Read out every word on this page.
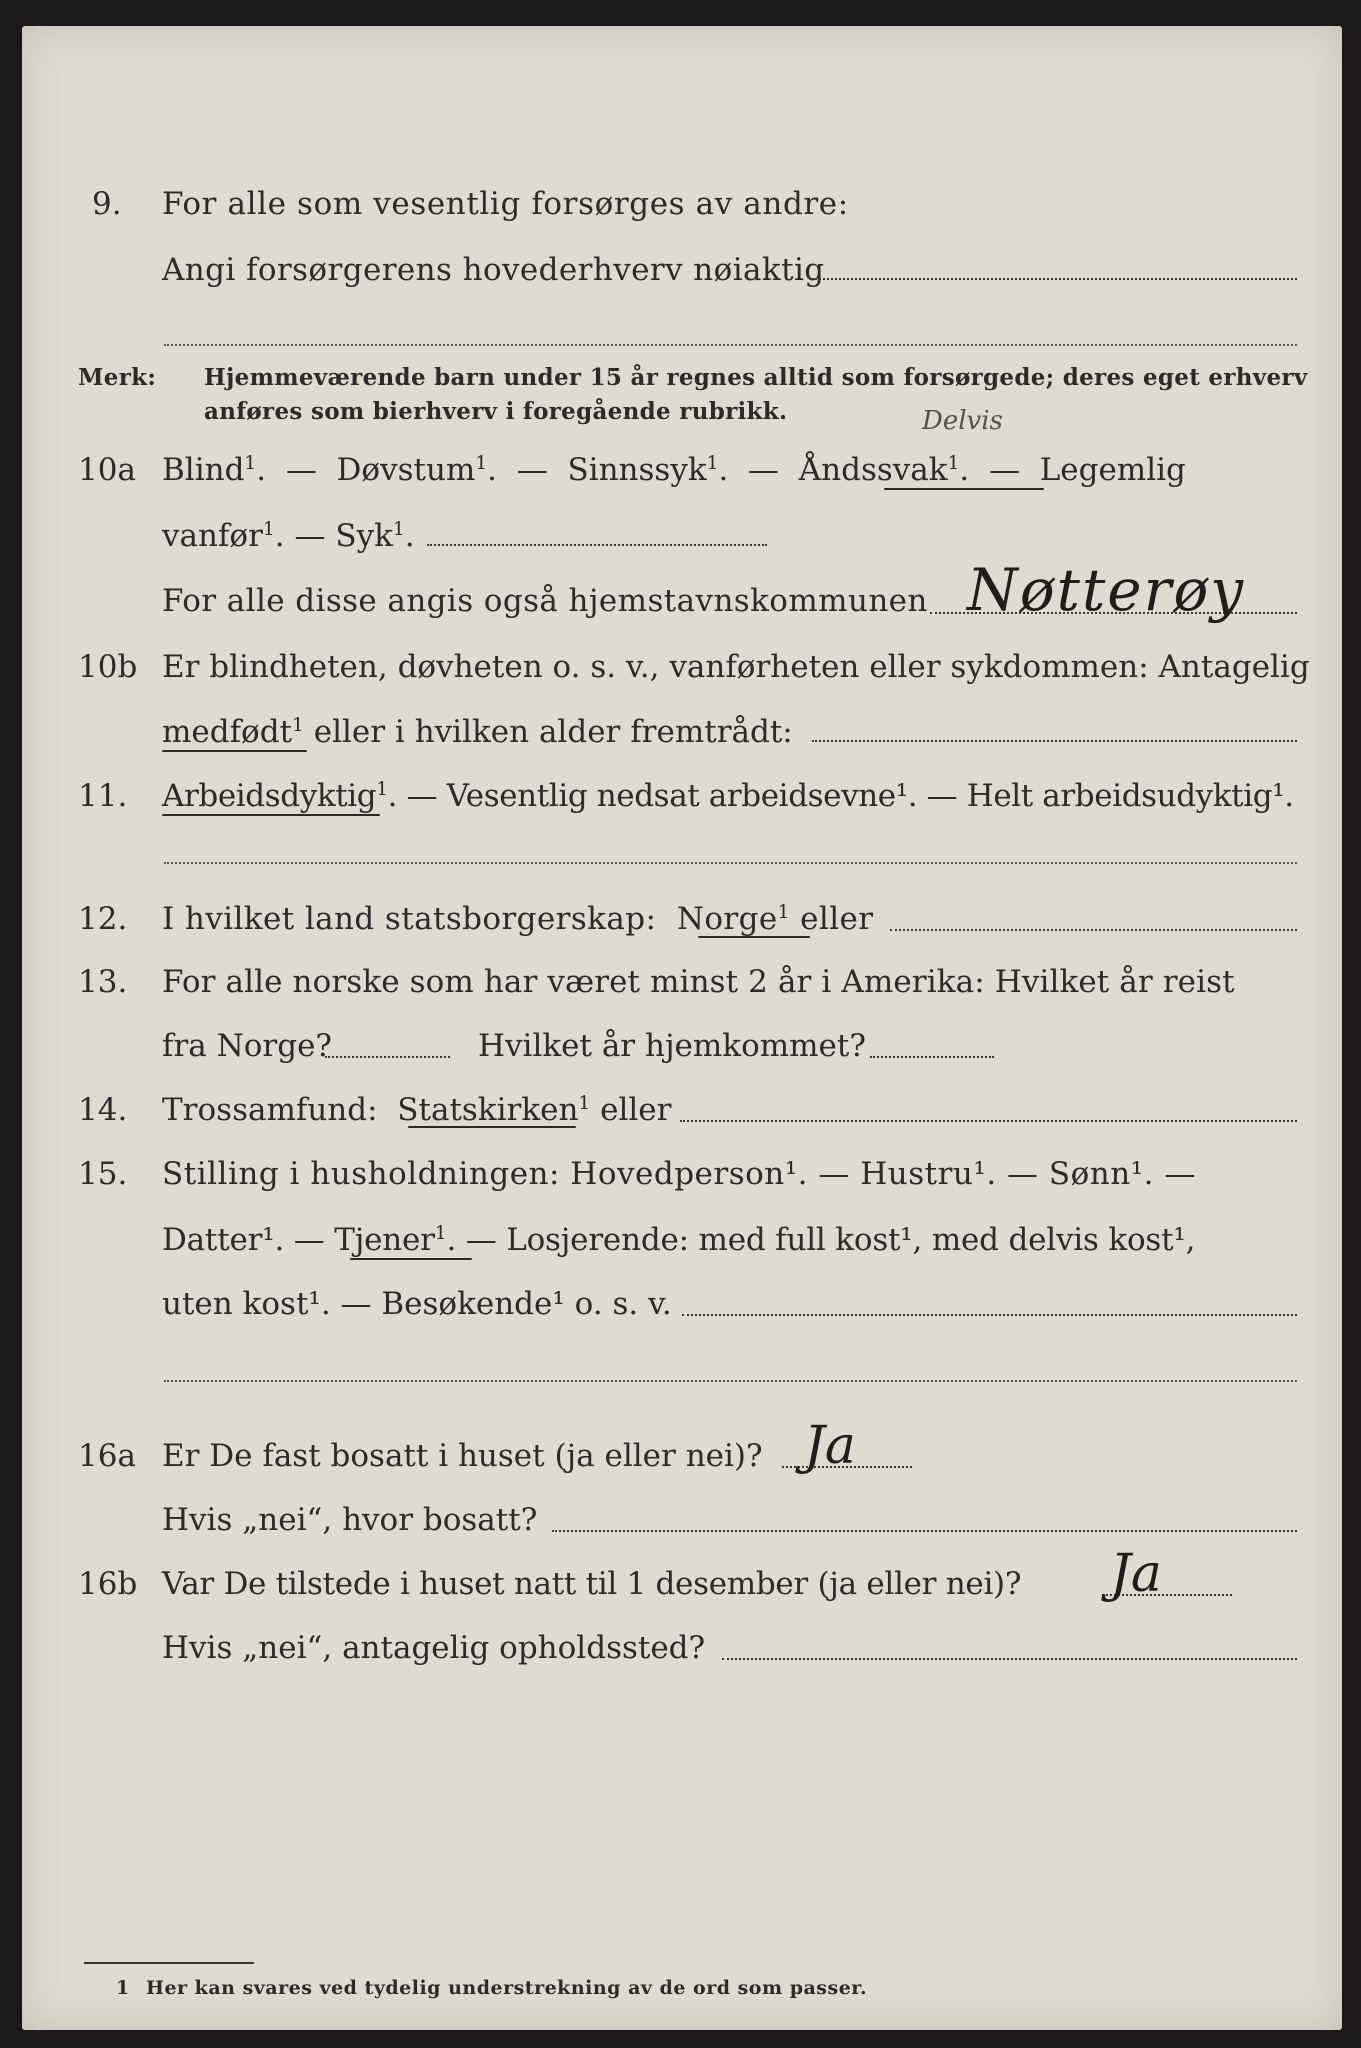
9. For alle som vesentlig forsørges av andre:
Angi forsørgerens hovederhverv nøiaktig
Merk: Hjemmeværende barn under 15 år regnes alltid som forsørgede; deres eget erhverv
anføres som bierhverv i foregående rubrikk.
10a
Delvis
Blind$^1$.  — Døvstum$^1$.  — Sinnssyk$^1$.  — Åndssvak$^1$.  — Legemlig
vanfør$^1$. — Syk$^1$.
For alle disse angis også hjemstavnskommunen Nøtterøy
10b Er blindheten, døvheten o. s. v., vanførheten eller sykdommen: Antagelig
medfødt$^1$ eller i hvilken alder fremtrådt:
11. Arbeidsdyktig$^1$. — Vesentlig nedsat arbeidsevne¹. — Helt arbeidsudyktig¹.
12. I hvilket land statsborgerskap: Norge$^1$ eller
13. For alle norske som har været minst 2 år i Amerika: Hvilket år reist
fra Norge?	Hvilket år hjemkommet?
14. Trossamfund: Statskirken$^1$ eller
15. Stilling i husholdningen: Hovedperson¹. — Hustru¹. — Sønn¹. —
Datter¹. — Tjener$^1$. — Losjerende: med full kost¹, med delvis kost¹,
uten kost¹. — Besøkende¹ o. s. v.
16a Er De fast bosatt i huset (ja eller nei)? Ja
Hvis „nei“, hvor bosatt?
16b Var De tilstede i huset natt til 1 desember (ja eller nei)? Ja
Hvis „nei“, antagelig opholdssted?
1 Her kan svares ved tydelig understrekning av de ord som passer.
